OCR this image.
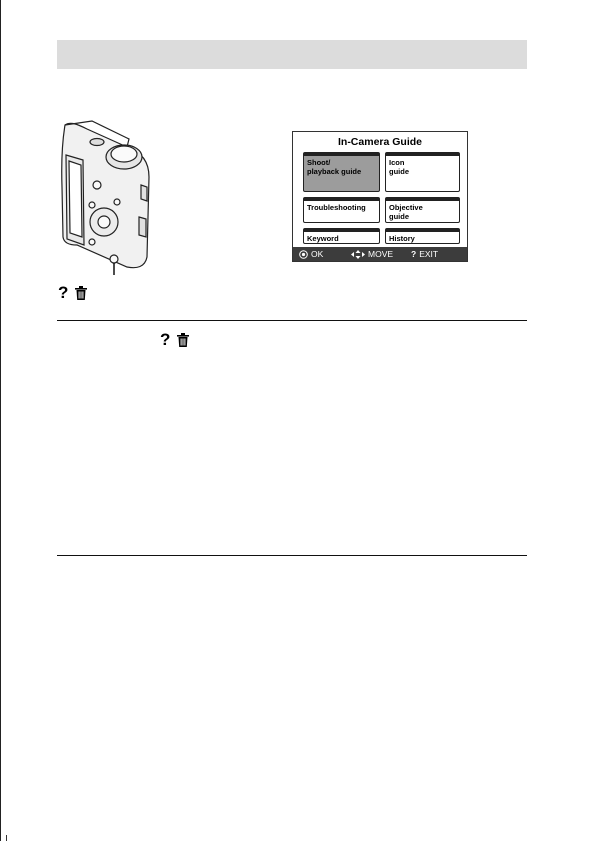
?
In-Camera Guide
Shoot/
playback guide
Icon
guide
Troubleshooting	Objective
guide
Keyword	History
OK	MOVE ? EXIT
?
